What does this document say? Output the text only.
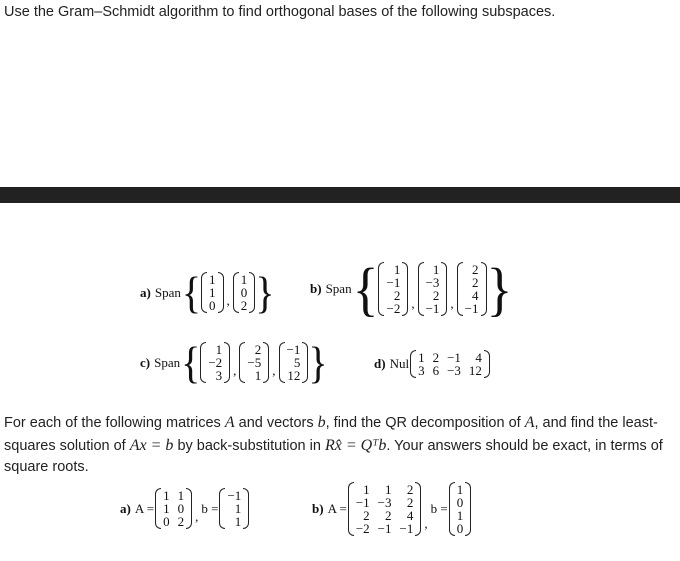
Use the Gram–Schmidt algorithm to find orthogonal bases of the following subspaces.
a) Span { 1
1
0 ,
1
0
2 }	b) Span {	1
−1
2
−2 ,
1
−3
2
−1 ,
2
2
4
−1 }
c) Span {	1
−2
3 ,
2
−5
1 ,
−1
5
12 }	d) Nul 1 2 −1	4
3 6 −3 12
For each of the following matrices A and vectors b, find the QR decomposition of A, and find the least-squares solution of Ax = b by back-substitution in Rx̂ = Qᵀb. Your answers should be exact, in terms of square roots.
a) A =
1 1
1 0
0 2 ,
b =
−1
1
1
b) A =
1	1	2
−1 −3	2
2	2	4
−2 −1 −1 ,
b =
1
0
1
0
